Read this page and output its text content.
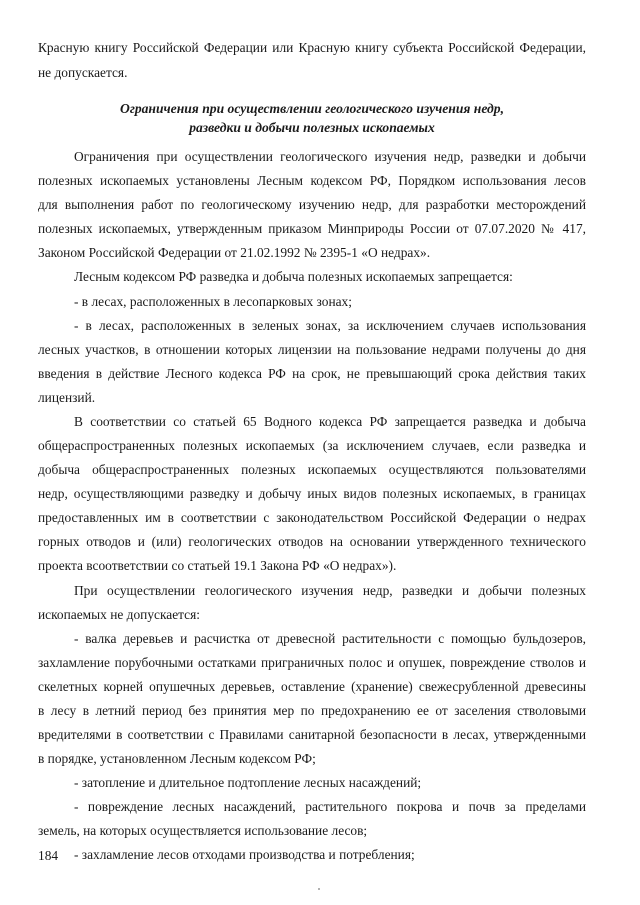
Красную книгу Российской Федерации или Красную книгу субъекта Российской Федерации,
не допускается.
Ограничения при осуществлении геологического изучения недр,
разведки и добычи полезных ископаемых
Ограничения при осуществлении геологического изучения недр, разведки и добычи
полезных ископаемых установлены Лесным кодексом РФ, Порядком использования лесов
для выполнения работ по геологическому изучению недр, для разработки месторождений
полезных ископаемых, утвержденным приказом Минприроды России от 07.07.2020 № 417,
Законом Российской Федерации от 21.02.1992 № 2395-1 «О недрах».
Лесным кодексом РФ разведка и добыча полезных ископаемых запрещается:
- в лесах, расположенных в лесопарковых зонах;
- в лесах, расположенных в зеленых зонах, за исключением случаев использования
лесных участков, в отношении которых лицензии на пользование недрами получены до дня
введения в действие Лесного кодекса РФ на срок, не превышающий срока действия таких
лицензий.
В соответствии со статьей 65 Водного кодекса РФ запрещается разведка и добыча
общераспространенных полезных ископаемых (за исключением случаев, если разведка и
добыча общераспространенных полезных ископаемых осуществляются пользователями
недр, осуществляющими разведку и добычу иных видов полезных ископаемых, в границах
предоставленных им в соответствии с законодательством Российской Федерации о недрах
горных отводов и (или) геологических отводов на основании утвержденного технического
проекта всоответствии со статьей 19.1 Закона РФ «О недрах»).
При осуществлении геологического изучения недр, разведки и добычи полезных
ископаемых не допускается:
- валка деревьев и расчистка от древесной растительности с помощью бульдозеров,
захламление порубочными остатками приграничных полос и опушек, повреждение стволов и
скелетных корней опушечных деревьев, оставление (хранение) свежесрубленной древесины
в лесу в летний период без принятия мер по предохранению ее от заселения стволовыми
вредителями в соответствии с Правилами санитарной безопасности в лесах, утвержденными
в порядке, установленном Лесным кодексом РФ;
- затопление и длительное подтопление лесных насаждений;
- повреждение лесных насаждений, растительного покрова и почв за пределами
земель, на которых осуществляется использование лесов;
184 - захламление лесов отходами производства и потребления;
